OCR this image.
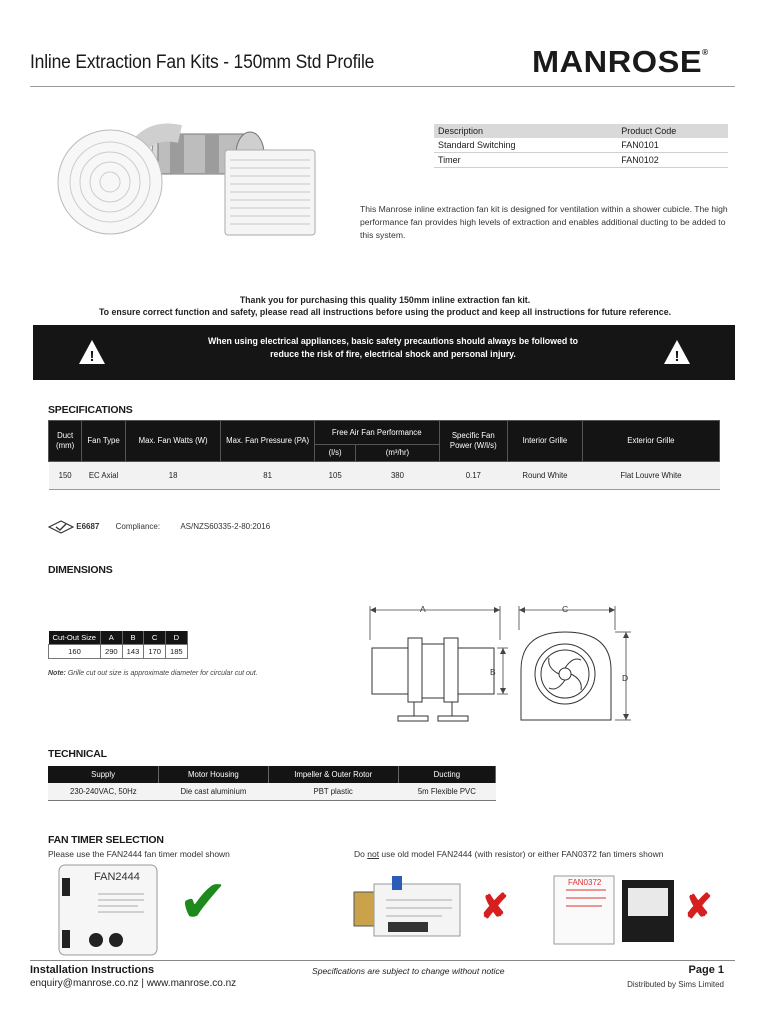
Inline Extraction Fan Kits - 150mm Std Profile	MANROSE®
Description	Product Code
Standard Switching	FAN0101
Timer	FAN0102
This Manrose inline extraction fan kit is designed for ventilation within a shower cubicle. The high performance fan provides high levels of extraction and enables additional ducting to be added to this system.
Thank you for purchasing this quality 150mm inline extraction fan kit.
To ensure correct function and safety, please read all instructions before using the product and keep all instructions for future reference.
!
When using electrical appliances, basic safety precautions should always be followed to reduce the risk of fire, electrical shock and personal injury.	!
SPECIFICATIONS
Duct (mm)	Fan Type	Max. Fan Watts (W)	Max. Fan Pressure (PA)	Free Air Fan Performance		Specific Fan Power (W/l/s)	Interior Grille	Exterior Grille
				(l/s)	(m³/hr)			
150	EC Axial	18	81	105	380	0.17	Round White	Flat Louvre White
E6687 Compliance:	AS/NZS60335-2-80:2016
DIMENSIONS
Cut-Out Size	A	B	C	D
160	290	143	170	185
Note: Grille cut out size is approximate diameter for circular cut out.
A
B
C
D
TECHNICAL
Supply	Motor Housing	Impeller & Outer Rotor	Ducting
230-240VAC, 50Hz	Die cast aluminium	PBT plastic	5m Flexible PVC
FAN TIMER SELECTION
Please use the FAN2444 fan timer model shown	Do not use old model FAN2444 (with resistor) or either FAN0372 fan timers shown
FAN2444 ✔	✘
FAN0372
✘
Installation Instructions
enquiry@manrose.co.nz | www.manrose.co.nz
Specifications are subject to change without notice	Page 1
Distributed by Sims Limited
